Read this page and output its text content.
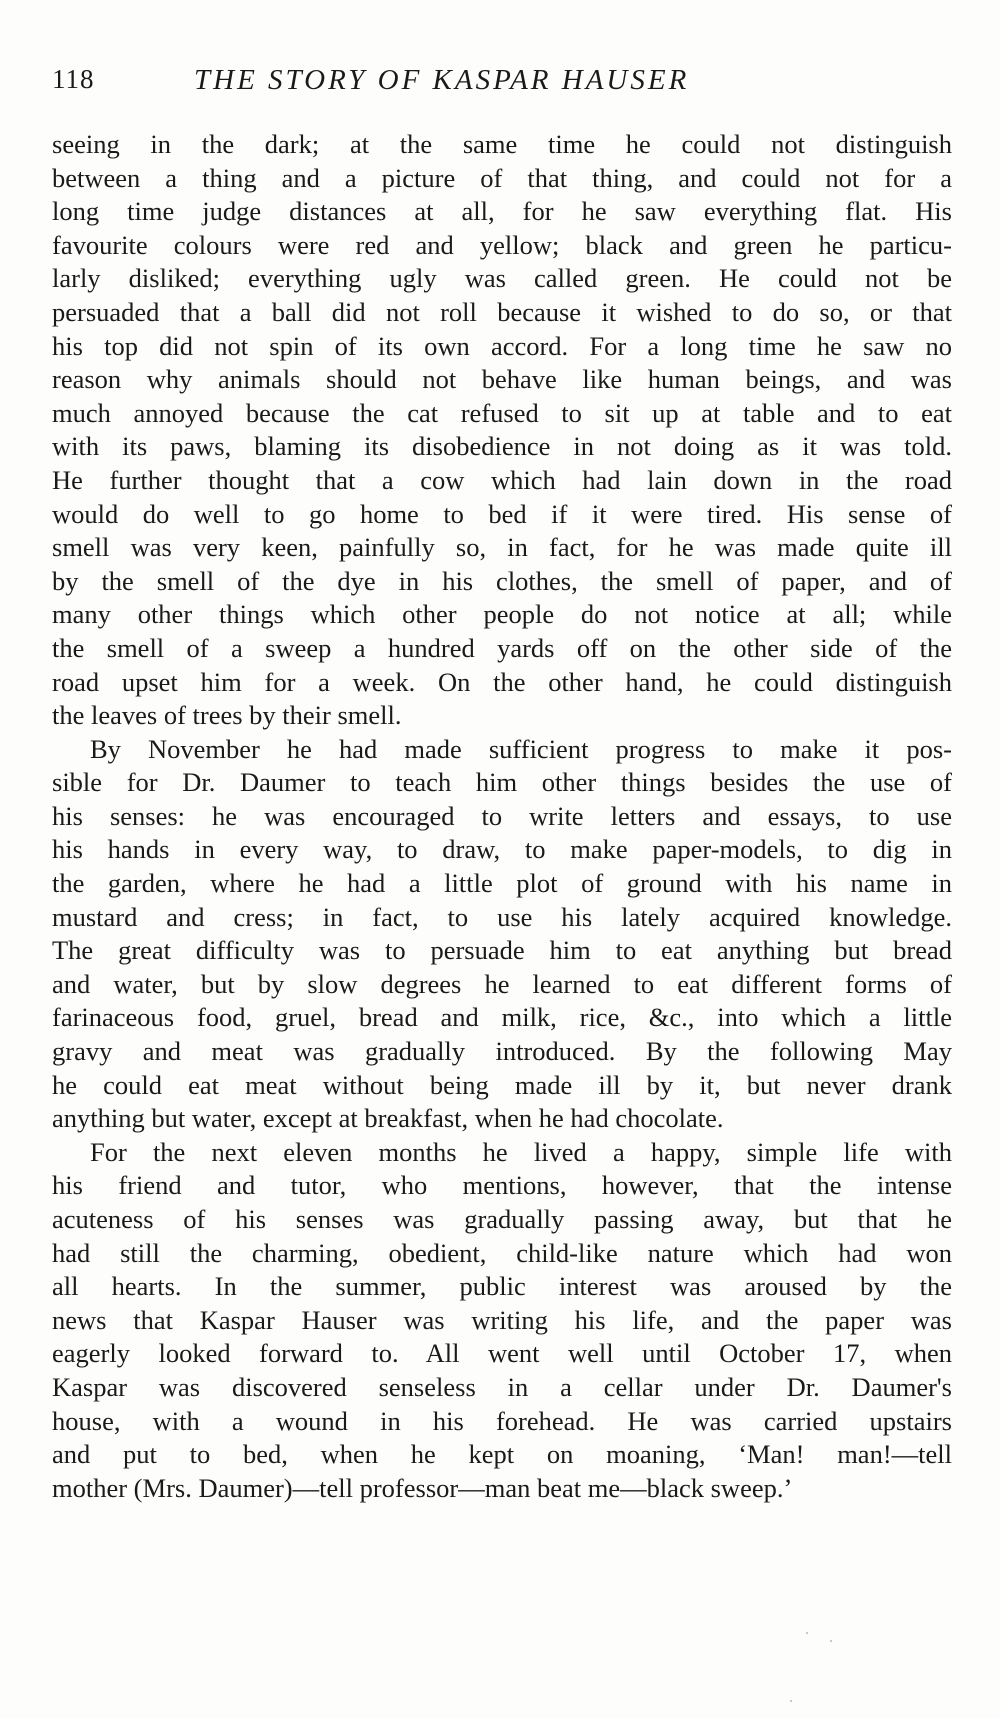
118	THE STORY OF KASPAR HAUSER
seeing in the dark; at the same time he could not distinguish
between a thing and a picture of that thing, and could not for a
long time judge distances at all, for he saw everything flat. His
favourite colours were red and yellow; black and green he particu-
larly disliked; everything ugly was called green. He could not be
persuaded that a ball did not roll because it wished to do so, or that
his top did not spin of its own accord. For a long time he saw no
reason why animals should not behave like human beings, and was
much annoyed because the cat refused to sit up at table and to eat
with its paws, blaming its disobedience in not doing as it was told.
He further thought that a cow which had lain down in the road
would do well to go home to bed if it were tired. His sense of
smell was very keen, painfully so, in fact, for he was made quite ill
by the smell of the dye in his clothes, the smell of paper, and of
many other things which other people do not notice at all; while
the smell of a sweep a hundred yards off on the other side of the
road upset him for a week. On the other hand, he could distinguish
the leaves of trees by their smell.
By November he had made sufficient progress to make it pos-
sible for Dr. Daumer to teach him other things besides the use of
his senses: he was encouraged to write letters and essays, to use
his hands in every way, to draw, to make paper-models, to dig in
the garden, where he had a little plot of ground with his name in
mustard and cress; in fact, to use his lately acquired knowledge.
The great difficulty was to persuade him to eat anything but bread
and water, but by slow degrees he learned to eat different forms of
farinaceous food, gruel, bread and milk, rice, &c., into which a little
gravy and meat was gradually introduced. By the following May
he could eat meat without being made ill by it, but never drank
anything but water, except at breakfast, when he had chocolate.
For the next eleven months he lived a happy, simple life with
his friend and tutor, who mentions, however, that the intense
acuteness of his senses was gradually passing away, but that he
had still the charming, obedient, child-like nature which had won
all hearts. In the summer, public interest was aroused by the
news that Kaspar Hauser was writing his life, and the paper was
eagerly looked forward to. All went well until October 17, when
Kaspar was discovered senseless in a cellar under Dr. Daumer's
house, with a wound in his forehead. He was carried upstairs
and put to bed, when he kept on moaning, ‘Man! man!—tell
mother (Mrs. Daumer)—tell professor—man beat me—black sweep.’
